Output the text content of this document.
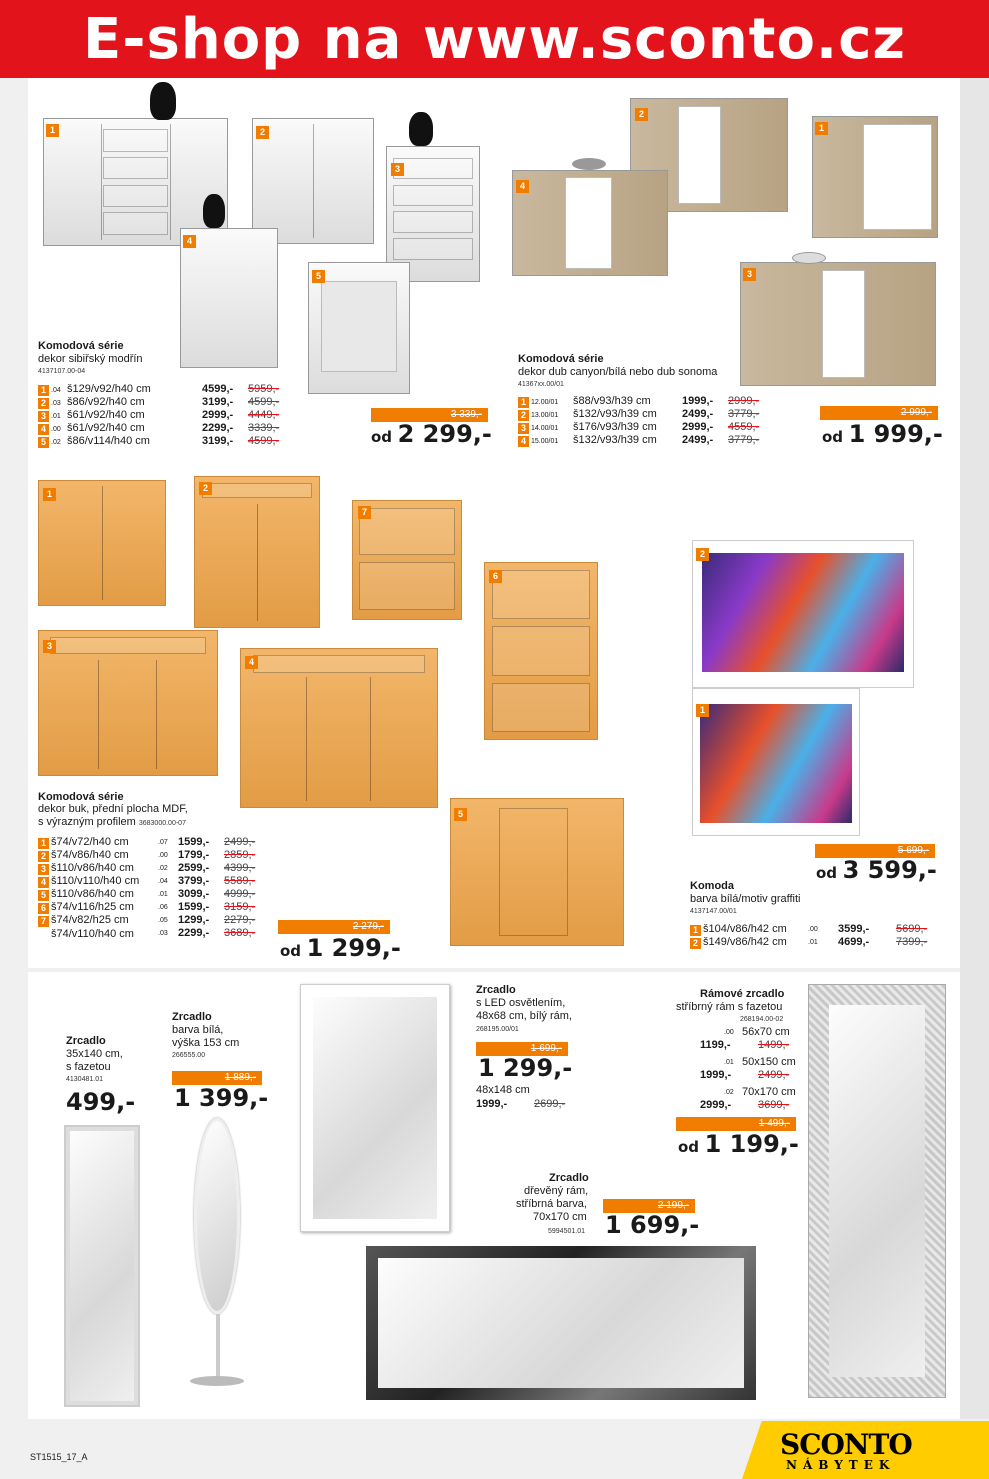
E-shop na www.sconto.cz
1	2
3
4
5
Komodová série
dekor sibiřský modřín
4137107.00-04
1 .04 š129/v92/h40 cm	4599,- 5959,-
2 .03 š86/v92/h40 cm	3199,- 4599,-
3 .01 š61/v92/h40 cm	2999,- 4449,-
4 .00 š61/v92/h40 cm	2299,- 3339,-
5 .02 š86/v114/h40 cm	3199,- 4599,-
3 339,-
od 2 299,-
2
4
1
3
Komodová série
dekor dub canyon/bílá nebo dub sonoma
41367xx.00/01
1 12.00/01 š88/v93/h39 cm	1999,- 2999,-
2 13.00/01 š132/v93/h39 cm 2499,- 3779,-
3 14.00/01 š176/v93/h39 cm 2999,- 4559,-
4 15.00/01 š132/v93/h39 cm 2499,- 3779,-
2 999,-
od 1 999,-
1
2
7
6
3
4
5
Komodová série
dekor buk, přední plocha MDF,
s výrazným profilem 3683000.00-07
1 š74/v72/h40 cm	.07 1599,- 2499,-
2 š74/v86/h40 cm	.00 1799,- 2859,-
3 š110/v86/h40 cm	.02 2599,- 4399,-
4 š110/v110/h40 cm	.04 3799,- 5589,-
5 š110/v86/h40 cm	.01 3099,- 4999,-
6 š74/v116/h25 cm	.06 1599,- 3159,-
7 š74/v82/h25 cm	.05 1299,- 2279,-
š74/v110/h40 cm	.03 2299,- 3689,-
2 279,-
od 1 299,-
2
1
5 699,-
od 3 599,-
Komoda
barva bílá/motiv graffiti
4137147.00/01
1 š104/v86/h42 cm	.00	3599,- 5699,-
2 š149/v86/h42 cm	.01	4699,- 7399,-
Zrcadlo
35x140 cm,
s fazetou
4130481.01
499,-
Zrcadlo
barva bílá,
výška 153 cm
266555.00
1 889,-
1 399,-
Zrcadlo
s LED osvětlením,
48x68 cm, bílý rám,
268195.00/01
1 699,-
1 299,-
48x148 cm
1999,- 2699,-
Zrcadlo
dřevěný rám,
stříbrná barva,
70x170 cm
5994501.01
2 199,-
1 699,-
Rámové zrcadlo
stříbrný rám s fazetou
268194.00-02
.00 56x70 cm
1199,- 1499,-
.01 50x150 cm
1999,- 2499,-
.02 70x170 cm
2999,- 3699,-
1 499,-
od 1 199,-
ST1515_17_A	SCONTO
NÁBYTEK
